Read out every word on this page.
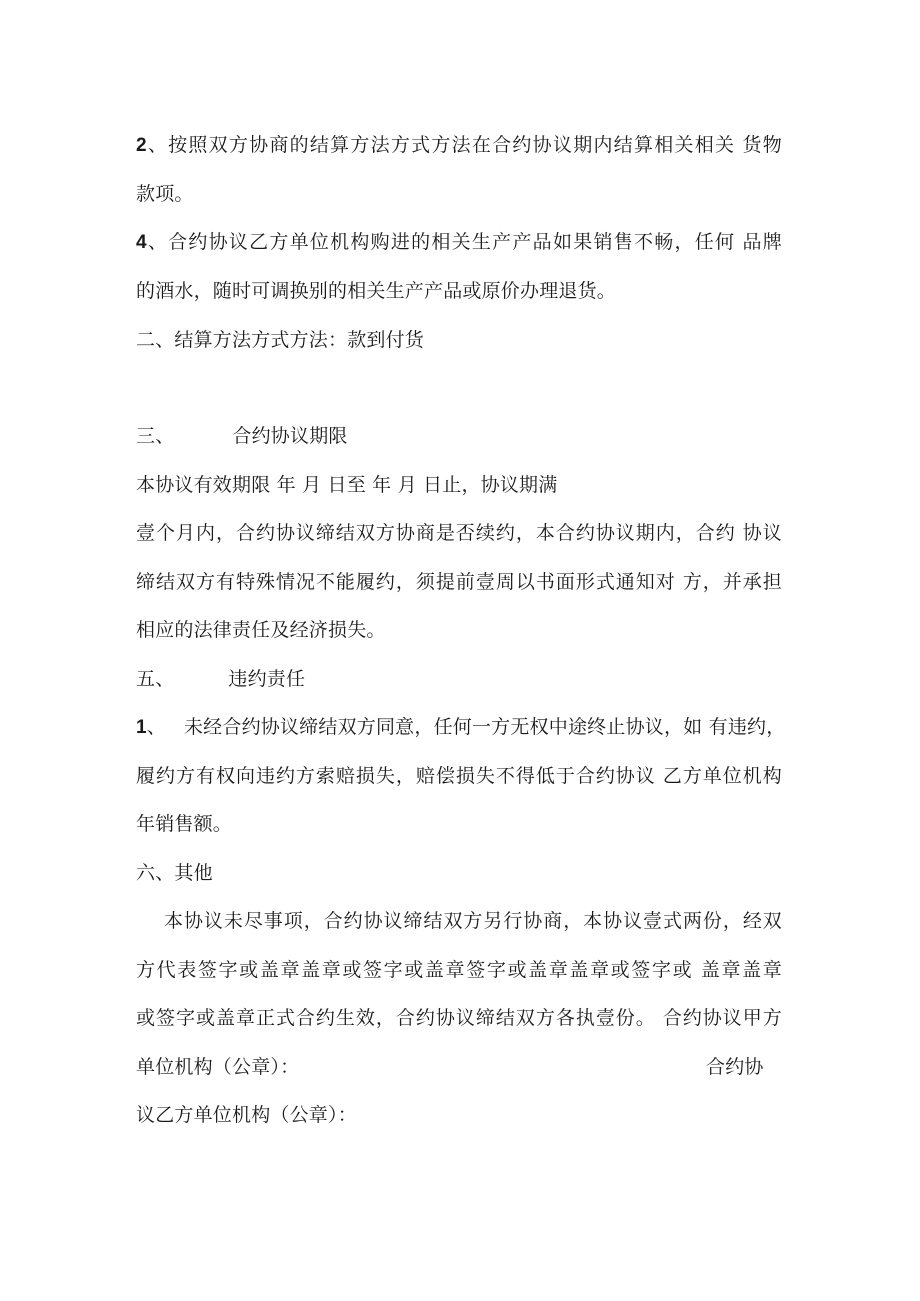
2、按照双方协商的结算方法方式方法在合约协议期内结算相关相关 货物
款项。
4、合约协议乙方单位机构购进的相关生产产品如果销售不畅，任何 品牌
的酒水，随时可调换别的相关生产产品或原价办理退货。
二、结算方法方式方法：款到付货
三、	合约协议期限
本协议有效期限 年 月 日至 年 月 日止，协议期满
壹个月内，合约协议缔结双方协商是否续约，本合约协议期内，合约 协议
缔结双方有特殊情况不能履约，须提前壹周以书面形式通知对 方，并承担
相应的法律责任及经济损失。
五、	违约责任
1、 未经合约协议缔结双方同意，任何一方无权中途终止协议，如 有违约，
履约方有权向违约方索赔损失，赔偿损失不得低于合约协议 乙方单位机构
年销售额。
六、其他
本协议未尽事项，合约协议缔结双方另行协商，本协议壹式两份，经双
方代表签字或盖章盖章或签字或盖章签字或盖章盖章或签字或 盖章盖章
或签字或盖章正式合约生效，合约协议缔结双方各执壹份。 合约协议甲方
单位机构（公章）：	合约协
议乙方单位机构（公章）：
